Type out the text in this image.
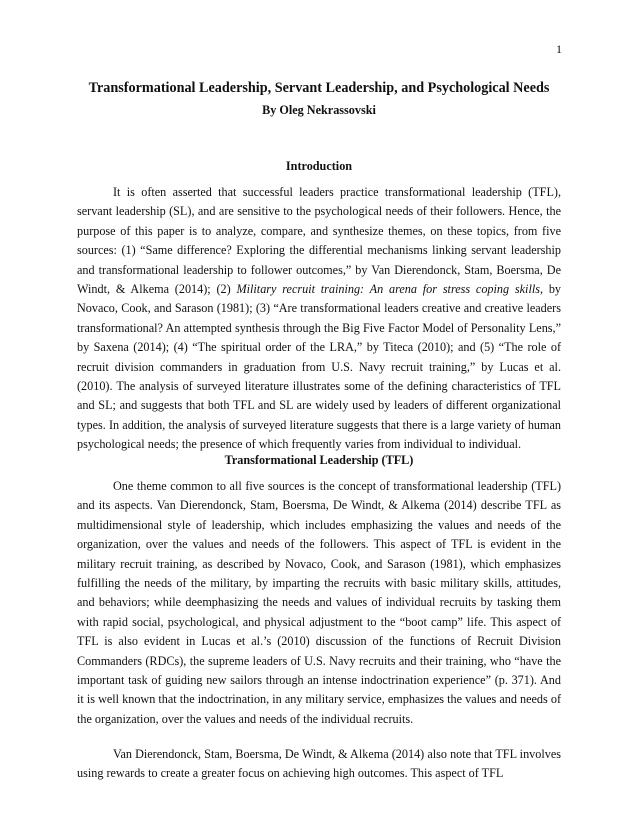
1
Transformational Leadership, Servant Leadership, and Psychological Needs
By Oleg Nekrassovski
Introduction

It is often asserted that successful leaders practice transformational leadership (TFL), servant leadership (SL), and are sensitive to the psychological needs of their followers. Hence, the purpose of this paper is to analyze, compare, and synthesize themes, on these topics, from five sources: (1) “Same difference? Exploring the differential mechanisms linking servant leadership and transformational leadership to follower outcomes,” by Van Dierendonck, Stam, Boersma, De Windt, & Alkema (2014); (2) Military recruit training: An arena for stress coping skills, by Novaco, Cook, and Sarason (1981); (3) “Are transformational leaders creative and creative leaders transformational? An attempted synthesis through the Big Five Factor Model of Personality Lens,” by Saxena (2014); (4) “The spiritual order of the LRA,” by Titeca (2010); and (5) “The role of recruit division commanders in graduation from U.S. Navy recruit training,” by Lucas et al. (2010). The analysis of surveyed literature illustrates some of the defining characteristics of TFL and SL; and suggests that both TFL and SL are widely used by leaders of different organizational types. In addition, the analysis of surveyed literature suggests that there is a large variety of human psychological needs; the presence of which frequently varies from individual to individual.

Transformational Leadership (TFL)

One theme common to all five sources is the concept of transformational leadership (TFL) and its aspects. Van Dierendonck, Stam, Boersma, De Windt, & Alkema (2014) describe TFL as multidimensional style of leadership, which includes emphasizing the values and needs of the organization, over the values and needs of the followers. This aspect of TFL is evident in the military recruit training, as described by Novaco, Cook, and Sarason (1981), which emphasizes fulfilling the needs of the military, by imparting the recruits with basic military skills, attitudes, and behaviors; while deemphasizing the needs and values of individual recruits by tasking them with rapid social, psychological, and physical adjustment to the “boot camp” life. This aspect of TFL is also evident in Lucas et al.’s (2010) discussion of the functions of Recruit Division Commanders (RDCs), the supreme leaders of U.S. Navy recruits and their training, who “have the important task of guiding new sailors through an intense indoctrination experience” (p. 371). And it is well known that the indoctrination, in any military service, emphasizes the values and needs of the organization, over the values and needs of the individual recruits.

Van Dierendonck, Stam, Boersma, De Windt, & Alkema (2014) also note that TFL involves using rewards to create a greater focus on achieving high outcomes. This aspect of TFL
